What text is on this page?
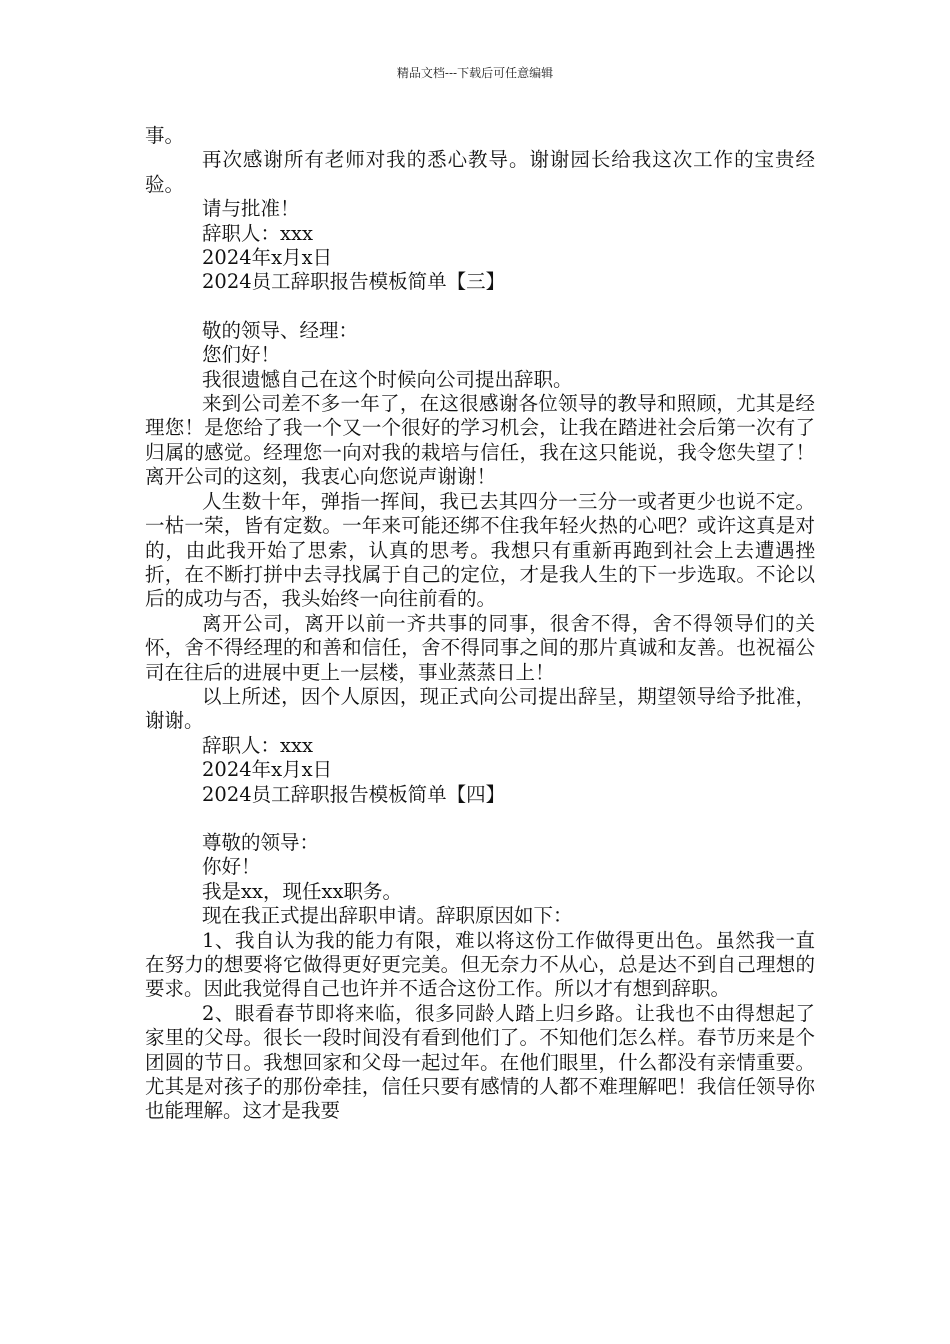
精品文档---下载后可任意编辑

事。

再次感谢所有老师对我的悉心教导。谢谢园长给我这次工作的宝贵经验。

请与批准！

辞职人：xxx

2024年x月x日

2024员工辞职报告模板简单【三】

敬的领导、经理：

您们好！

我很遗憾自己在这个时候向公司提出辞职。

来到公司差不多一年了，在这很感谢各位领导的教导和照顾，尤其是经理您！是您给了我一个又一个很好的学习机会，让我在踏进社会后第一次有了归属的感觉。经理您一向对我的栽培与信任，我在这只能说，我令您失望了！离开公司的这刻，我衷心向您说声谢谢！

人生数十年，弹指一挥间，我已去其四分一三分一或者更少也说不定。一枯一荣，皆有定数。一年来可能还绑不住我年轻火热的心吧？或许这真是对的，由此我开始了思索，认真的思考。我想只有重新再跑到社会上去遭遇挫折，在不断打拼中去寻找属于自己的定位，才是我人生的下一步选取。不论以后的成功与否，我头始终一向往前看的。

离开公司，离开以前一齐共事的同事，很舍不得，舍不得领导们的关怀，舍不得经理的和善和信任，舍不得同事之间的那片真诚和友善。也祝福公司在往后的进展中更上一层楼，事业蒸蒸日上！

以上所述，因个人原因，现正式向公司提出辞呈，期望领导给予批准，谢谢。

辞职人：xxx

2024年x月x日

2024员工辞职报告模板简单【四】

尊敬的领导：

你好！

我是xx，现任xx职务。

现在我正式提出辞职申请。辞职原因如下：

1、我自认为我的能力有限，难以将这份工作做得更出色。虽然我一直在努力的想要将它做得更好更完美。但无奈力不从心，总是达不到自己理想的要求。因此我觉得自己也许并不适合这份工作。所以才有想到辞职。

2、眼看春节即将来临，很多同龄人踏上归乡路。让我也不由得想起了家里的父母。很长一段时间没有看到他们了。不知他们怎么样。春节历来是个团圆的节日。我想回家和父母一起过年。在他们眼里，什么都没有亲情重要。尤其是对孩子的那份牵挂，信任只要有感情的人都不难理解吧！我信任领导你也能理解。这才是我要
